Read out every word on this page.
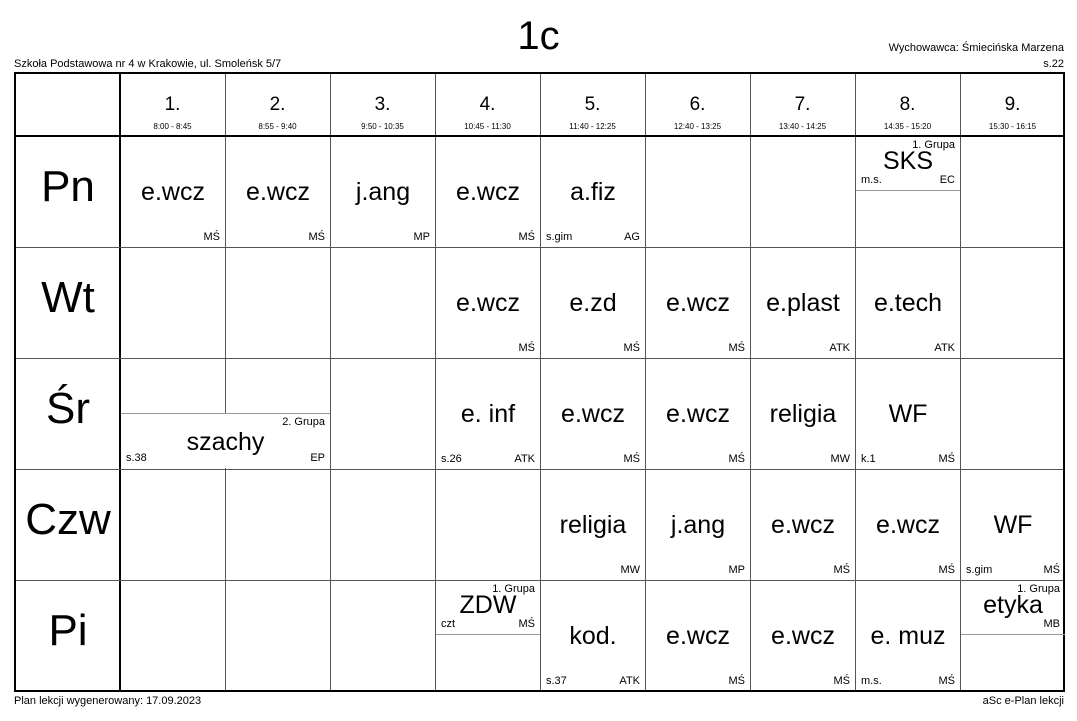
1c
Szkoła Podstawowa nr 4 w Krakowie, ul. Smoleńsk 5/7
Wychowawca: Śmiecińska Marzena
s.22
1.
8:00 - 8:45
2.
8:55 - 9:40
3.
9:50 - 10:35
4.
10:45 - 11:30
5.
11:40 - 12:25
6.
12:40 - 13:25
7.
13:40 - 14:25
8.
14:35 - 15:20
9.
15:30 - 16:15
Pn
Wt
Śr
Czw
Pi
e.wcz
MŚ
e.wcz
MŚ
j.ang
MP
e.wcz
MŚ
a.fiz
AG
s.gim
SKS
EC
m.s.
1. Grupa
e.wcz
MŚ
e.zd
MŚ
e.wcz
MŚ
e.plast
ATK
e.tech
ATK
szachy
EP
s.38
2. Grupa	e. inf
ATK
s.26
e.wcz
MŚ
e.wcz
MŚ
religia
MW
WF
MŚ
k.1
religia
MW
j.ang
MP
e.wcz
MŚ
e.wcz
MŚ
WF
MŚ
s.gim
ZDW
MŚ
czt
1. Grupa
kod.
ATK
s.37
e.wcz
MŚ
e.wcz
MŚ
e. muz
MŚ
m.s.
etyka
MB
1. Grupa
Plan lekcji wygenerowany: 17.09.2023	aSc e-Plan lekcji
